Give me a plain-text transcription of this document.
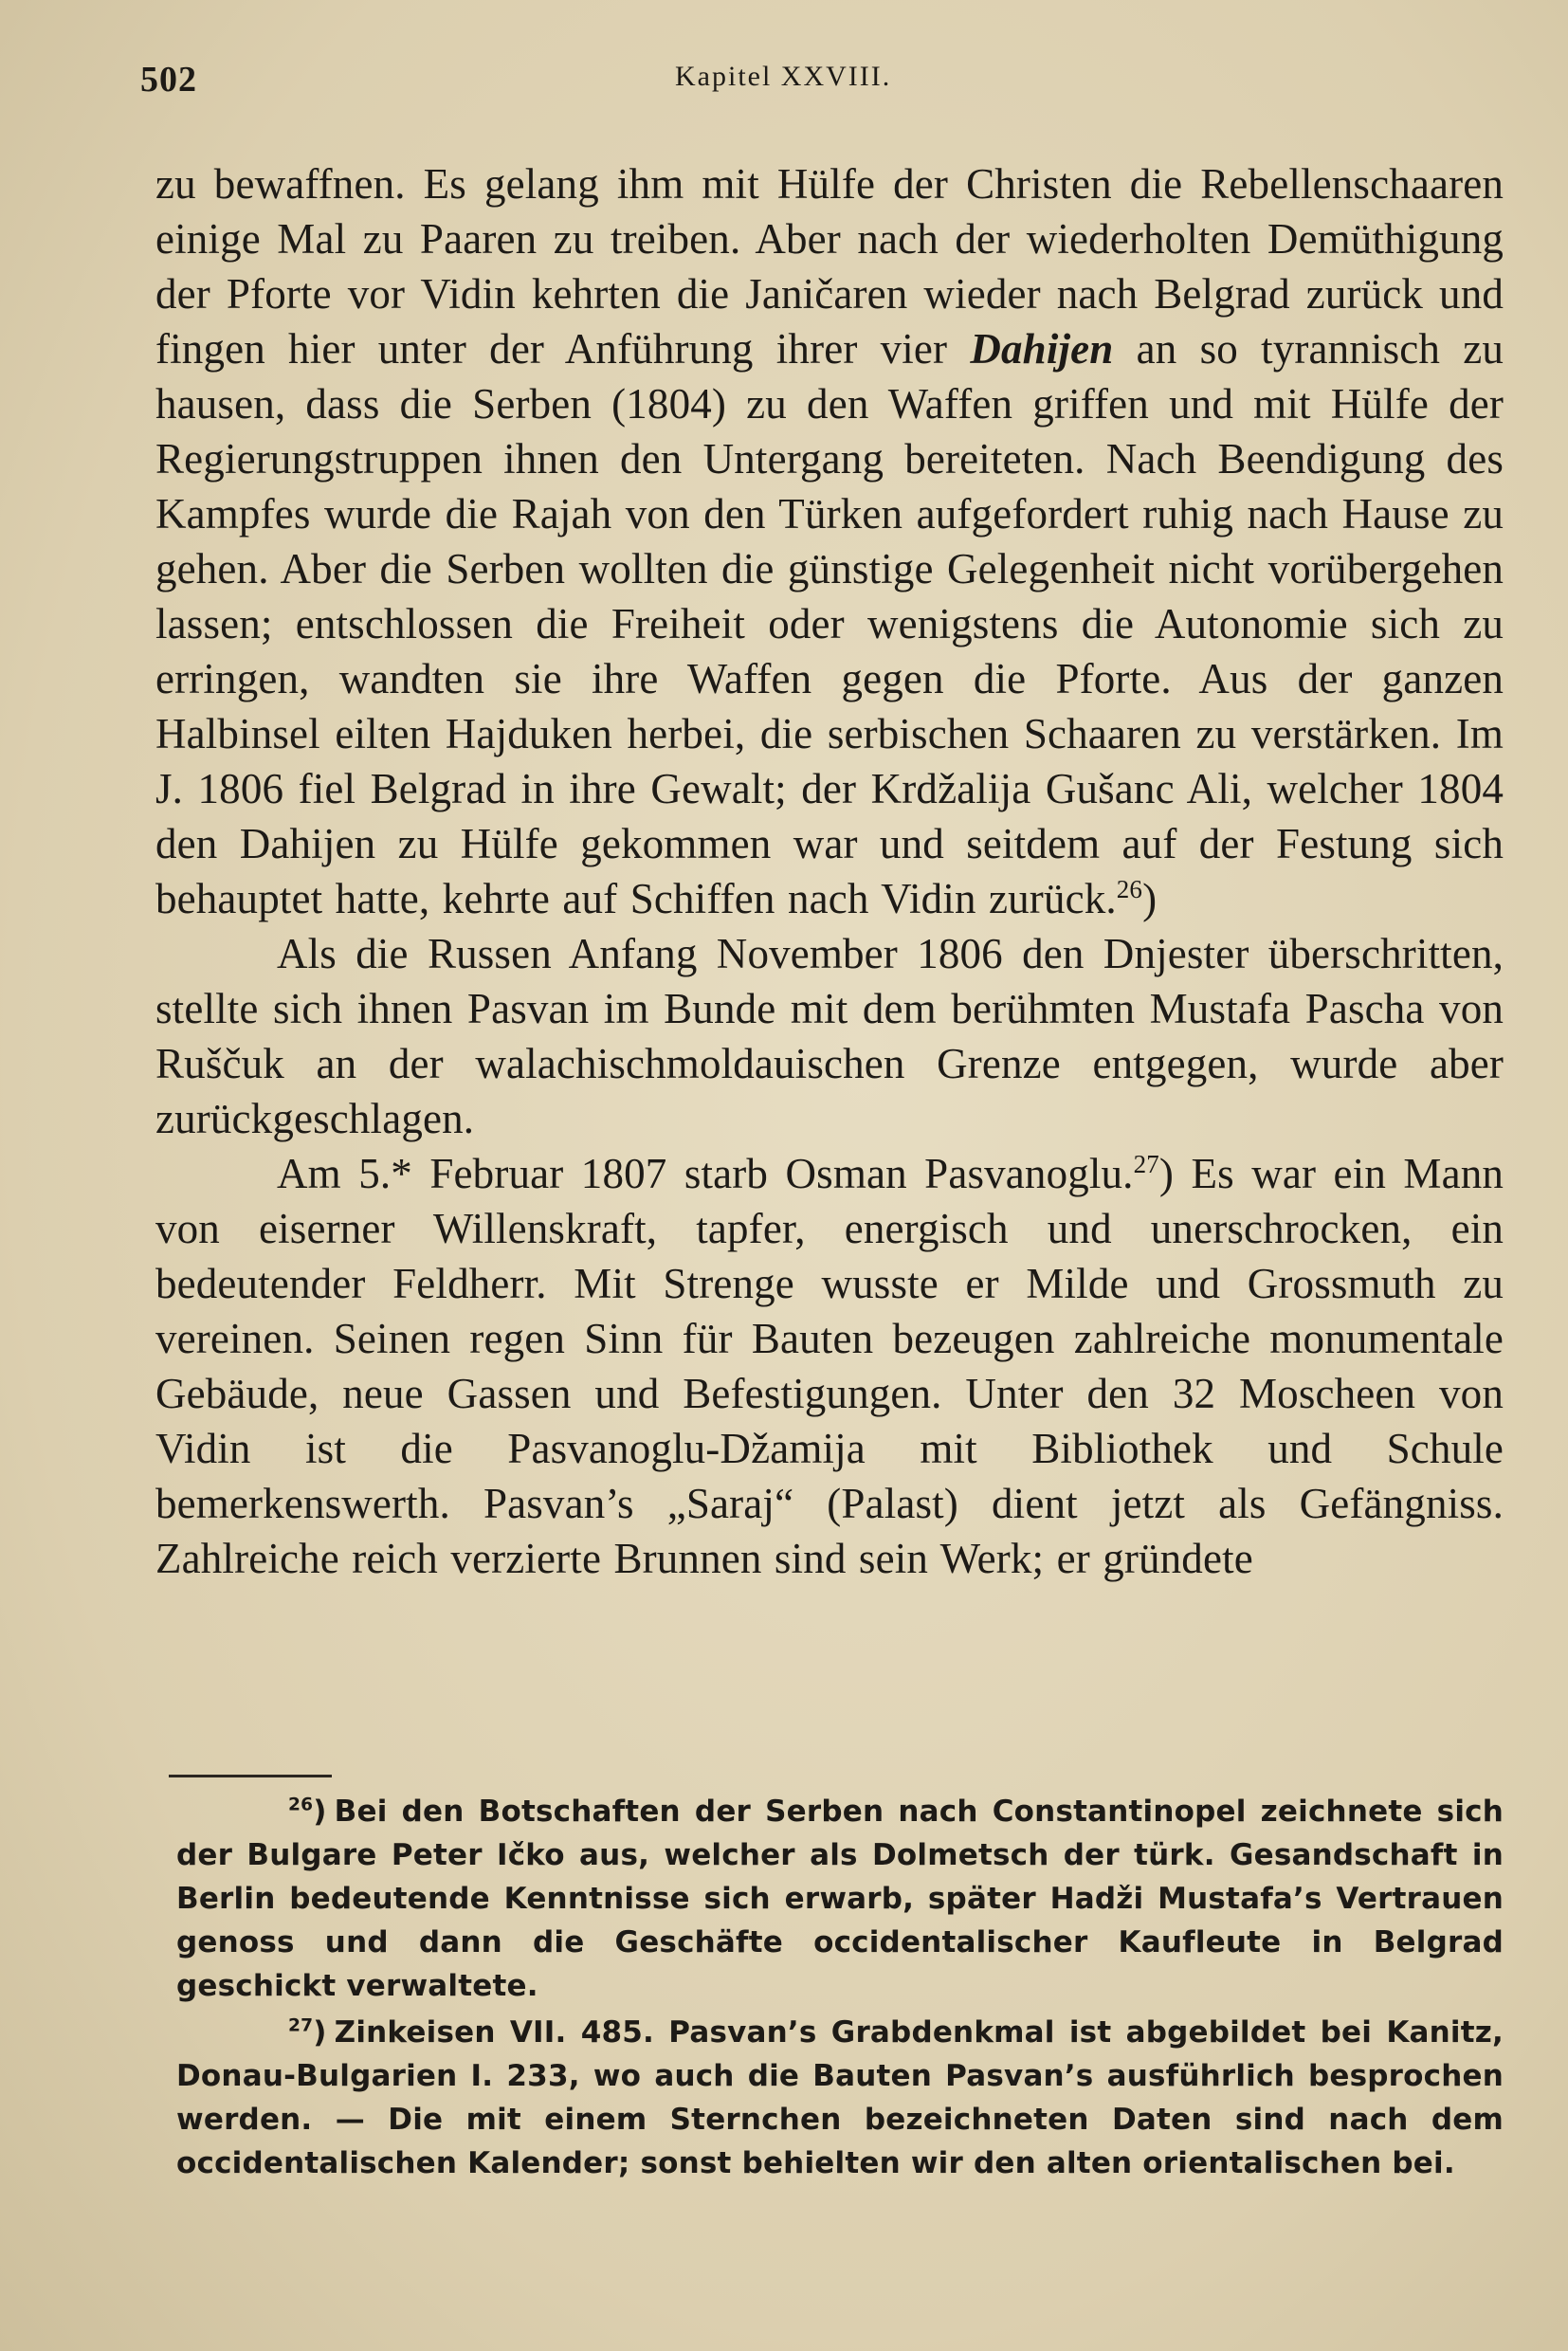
502	Kapitel XXVIII.

zu bewaffnen. Es gelang ihm mit Hülfe der Christen die Rebellenschaaren einige Mal zu Paaren zu treiben. Aber nach der wiederholten Demüthigung der Pforte vor Vidin kehrten die Janičaren wieder nach Belgrad zurück und fingen hier unter der Anführung ihrer vier Dahijen an so tyrannisch zu hausen, dass die Serben (1804) zu den Waffen griffen und mit Hülfe der Regierungstruppen ihnen den Untergang bereiteten. Nach Beendigung des Kampfes wurde die Rajah von den Türken aufgefordert ruhig nach Hause zu gehen. Aber die Serben wollten die günstige Gelegenheit nicht vorübergehen lassen; entschlossen die Freiheit oder wenigstens die Autonomie sich zu erringen, wandten sie ihre Waffen gegen die Pforte. Aus der ganzen Halbinsel eilten Hajduken herbei, die serbischen Schaaren zu verstärken. Im J. 1806 fiel Belgrad in ihre Gewalt; der Krdžalija Gušanc Ali, welcher 1804 den Dahijen zu Hülfe gekommen war und seitdem auf der Festung sich behauptet hatte, kehrte auf Schiffen nach Vidin zurück.$^{26}$)

Als die Russen Anfang November 1806 den Dnjester überschritten, stellte sich ihnen Pasvan im Bunde mit dem berühmten Mustafa Pascha von Ruščuk an der walachischmoldauischen Grenze entgegen, wurde aber zurückgeschlagen.

Am 5.* Februar 1807 starb Osman Pasvanoglu.$^{27}$) Es war ein Mann von eiserner Willenskraft, tapfer, energisch und unerschrocken, ein bedeutender Feldherr. Mit Strenge wusste er Milde und Grossmuth zu vereinen. Seinen regen Sinn für Bauten bezeugen zahlreiche monumentale Gebäude, neue Gassen und Befestigungen. Unter den 32 Moscheen von Vidin ist die Pasvanoglu-Džamija mit Bibliothek und Schule bemerkenswerth. Pasvan’s „Saraj“ (Palast) dient jetzt als Gefängniss. Zahlreiche reich verzierte Brunnen sind sein Werk; er gründete

$^{26}$) Bei den Botschaften der Serben nach Constantinopel zeichnete sich der Bulgare Peter Ičko aus, welcher als Dolmetsch der türk. Gesandschaft in Berlin bedeutende Kenntnisse sich erwarb, später Hadži Mustafa’s Vertrauen genoss und dann die Geschäfte occidentalischer Kaufleute in Belgrad geschickt verwaltete.

$^{27}$) Zinkeisen VII. 485. Pasvan’s Grabdenkmal ist abgebildet bei Kanitz, Donau-Bulgarien I. 233, wo auch die Bauten Pasvan’s ausführlich besprochen werden. — Die mit einem Sternchen bezeichneten Daten sind nach dem occidentalischen Kalender; sonst behielten wir den alten orientalischen bei.
